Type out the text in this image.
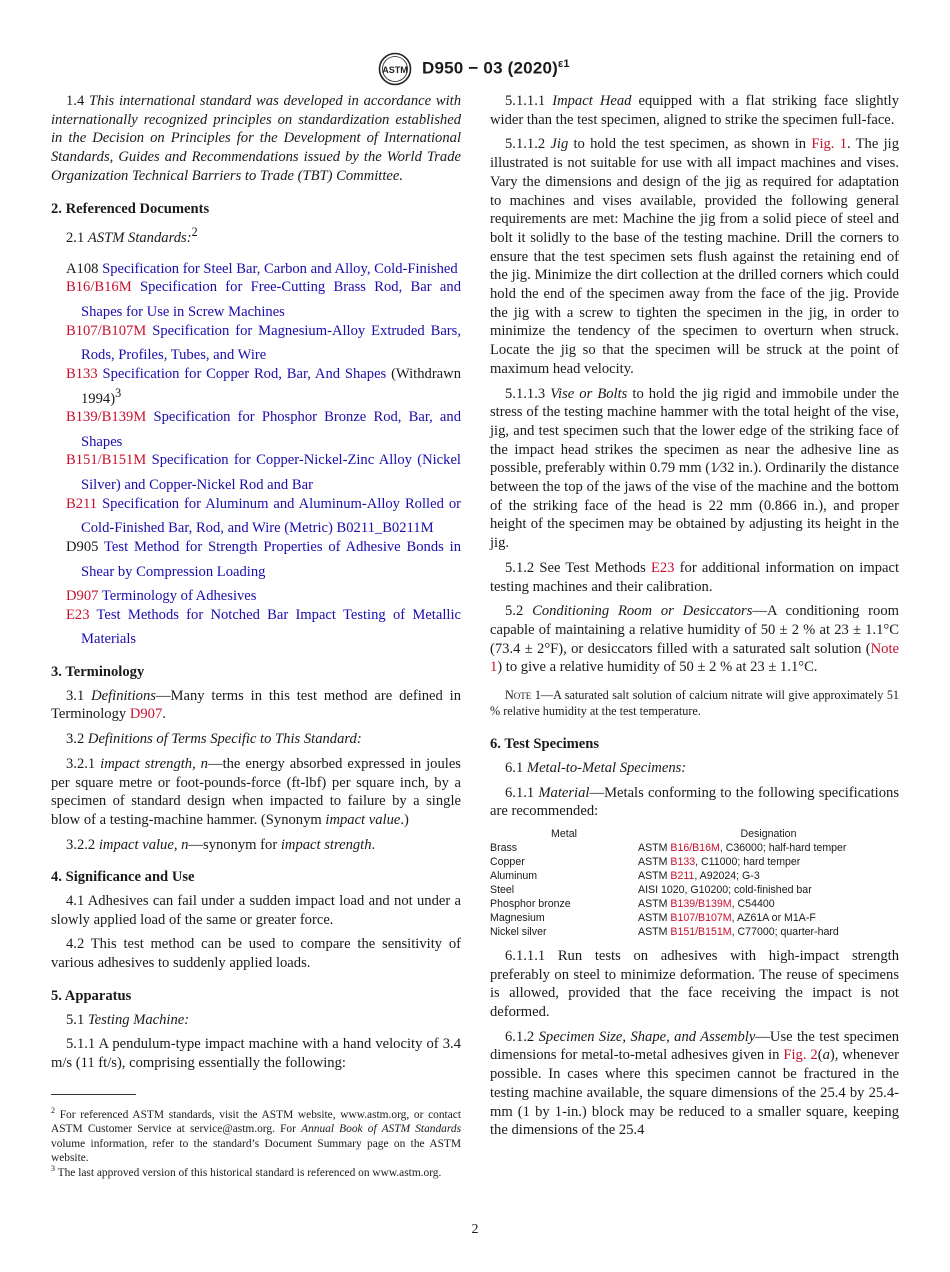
ASTM D950 − 03 $(2020)^{\varepsilon 1}$

1.4 This international standard was developed in accordance with internationally recognized principles on standardization established in the Decision on Principles for the Development of International Standards, Guides and Recommendations issued by the World Trade Organization Technical Barriers to Trade (TBT) Committee.

2. Referenced Documents

2.1 ASTM Standards:$^2$

A108 Specification for Steel Bar, Carbon and Alloy, Cold-Finished

B16/B16M Specification for Free-Cutting Brass Rod, Bar and Shapes for Use in Screw Machines

B107/B107M Specification for Magnesium-Alloy Extruded Bars, Rods, Profiles, Tubes, and Wire

B133 Specification for Copper Rod, Bar, And Shapes (Withdrawn 1994)$^3$

B139/B139M Specification for Phosphor Bronze Rod, Bar, and Shapes

B151/B151M Specification for Copper-Nickel-Zinc Alloy (Nickel Silver) and Copper-Nickel Rod and Bar

B211 Specification for Aluminum and Aluminum-Alloy Rolled or Cold-Finished Bar, Rod, and Wire (Metric) B0211_B0211M

D905 Test Method for Strength Properties of Adhesive Bonds in Shear by Compression Loading

D907 Terminology of Adhesives

E23 Test Methods for Notched Bar Impact Testing of Metallic Materials

3. Terminology

3.1 Definitions—Many terms in this test method are defined in Terminology D907.

3.2 Definitions of Terms Specific to This Standard:

3.2.1 impact strength, n—the energy absorbed expressed in joules per square metre or foot-pounds-force (ft-lbf) per square inch, by a specimen of standard design when impacted to failure by a single blow of a testing-machine hammer. (Synonym impact value.)

3.2.2 impact value, n—synonym for impact strength.

4. Significance and Use

4.1 Adhesives can fail under a sudden impact load and not under a slowly applied load of the same or greater force.

4.2 This test method can be used to compare the sensitivity of various adhesives to suddenly applied loads.

5. Apparatus

5.1 Testing Machine:

5.1.1 A pendulum-type impact machine with a hand velocity of 3.4 m/s (11 ft/s), comprising essentially the following:

$^2$ For referenced ASTM standards, visit the ASTM website, www.astm.org, or contact ASTM Customer Service at service@astm.org. For Annual Book of ASTM Standards volume information, refer to the standard’s Document Summary page on the ASTM website.
$^3$ The last approved version of this historical standard is referenced on www.astm.org.

5.1.1.1 Impact Head equipped with a flat striking face slightly wider than the test specimen, aligned to strike the specimen full-face.

5.1.1.2 Jig to hold the test specimen, as shown in Fig. 1. The jig illustrated is not suitable for use with all impact machines and vises. Vary the dimensions and design of the jig as required for adaptation to machines and vises available, provided the following general requirements are met: Machine the jig from a solid piece of steel and bolt it solidly to the base of the testing machine. Drill the corners to ensure that the test specimen sets flush against the retaining end of the jig. Minimize the dirt collection at the drilled corners which could hold the end of the specimen away from the face of the jig. Provide the jig with a screw to tighten the specimen in the jig, in order to minimize the tendency of the specimen to overturn when struck. Locate the jig so that the specimen will be struck at the point of maximum head velocity.

5.1.1.3 Vise or Bolts to hold the jig rigid and immobile under the stress of the testing machine hammer with the total height of the vise, jig, and test specimen such that the lower edge of the striking face of the impact head strikes the specimen as near the adhesive line as possible, preferably within 0.79 mm (1⁄32 in.). Ordinarily the distance between the top of the jaws of the vise of the machine and the bottom of the striking face of the head is 22 mm (0.866 in.), and proper height of the specimen may be obtained by adjusting its height in the jig.

5.1.2 See Test Methods E23 for additional information on impact testing machines and their calibration.

5.2 Conditioning Room or Desiccators—A conditioning room capable of maintaining a relative humidity of 50 ± 2 % at 23 ± 1.1°C (73.4 ± 2°F), or desiccators filled with a saturated salt solution (Note 1) to give a relative humidity of 50 ± 2 % at 23 ± 1.1°C.

Note 1—A saturated salt solution of calcium nitrate will give approximately 51 % relative humidity at the test temperature.
6. Test Specimens

6.1 Metal-to-Metal Specimens:

6.1.1 Material—Metals conforming to the following specifications are recommended:

Metal	Designation
Brass	ASTM B16/B16M, C36000; half-hard temper
Copper	ASTM B133, C11000; hard temper
Aluminum	ASTM B211, A92024; G-3
Steel	AISI 1020, G10200; cold-finished bar
Phosphor bronze	ASTM B139/B139M, C54400
Magnesium	ASTM B107/B107M, AZ61A or M1A-F
Nickel silver	ASTM B151/B151M, C77000; quarter-hard

6.1.1.1 Run tests on adhesives with high-impact strength preferably on steel to minimize deformation. The reuse of specimens is allowed, provided that the face receiving the impact is not deformed.

6.1.2 Specimen Size, Shape, and Assembly—Use the test specimen dimensions for metal-to-metal adhesives given in Fig. 2(a), whenever possible. In cases where this specimen cannot be fractured in the testing machine available, the square dimensions of the 25.4 by 25.4-mm (1 by 1-in.) block may be reduced to a smaller square, keeping the dimensions of the 25.4

2
